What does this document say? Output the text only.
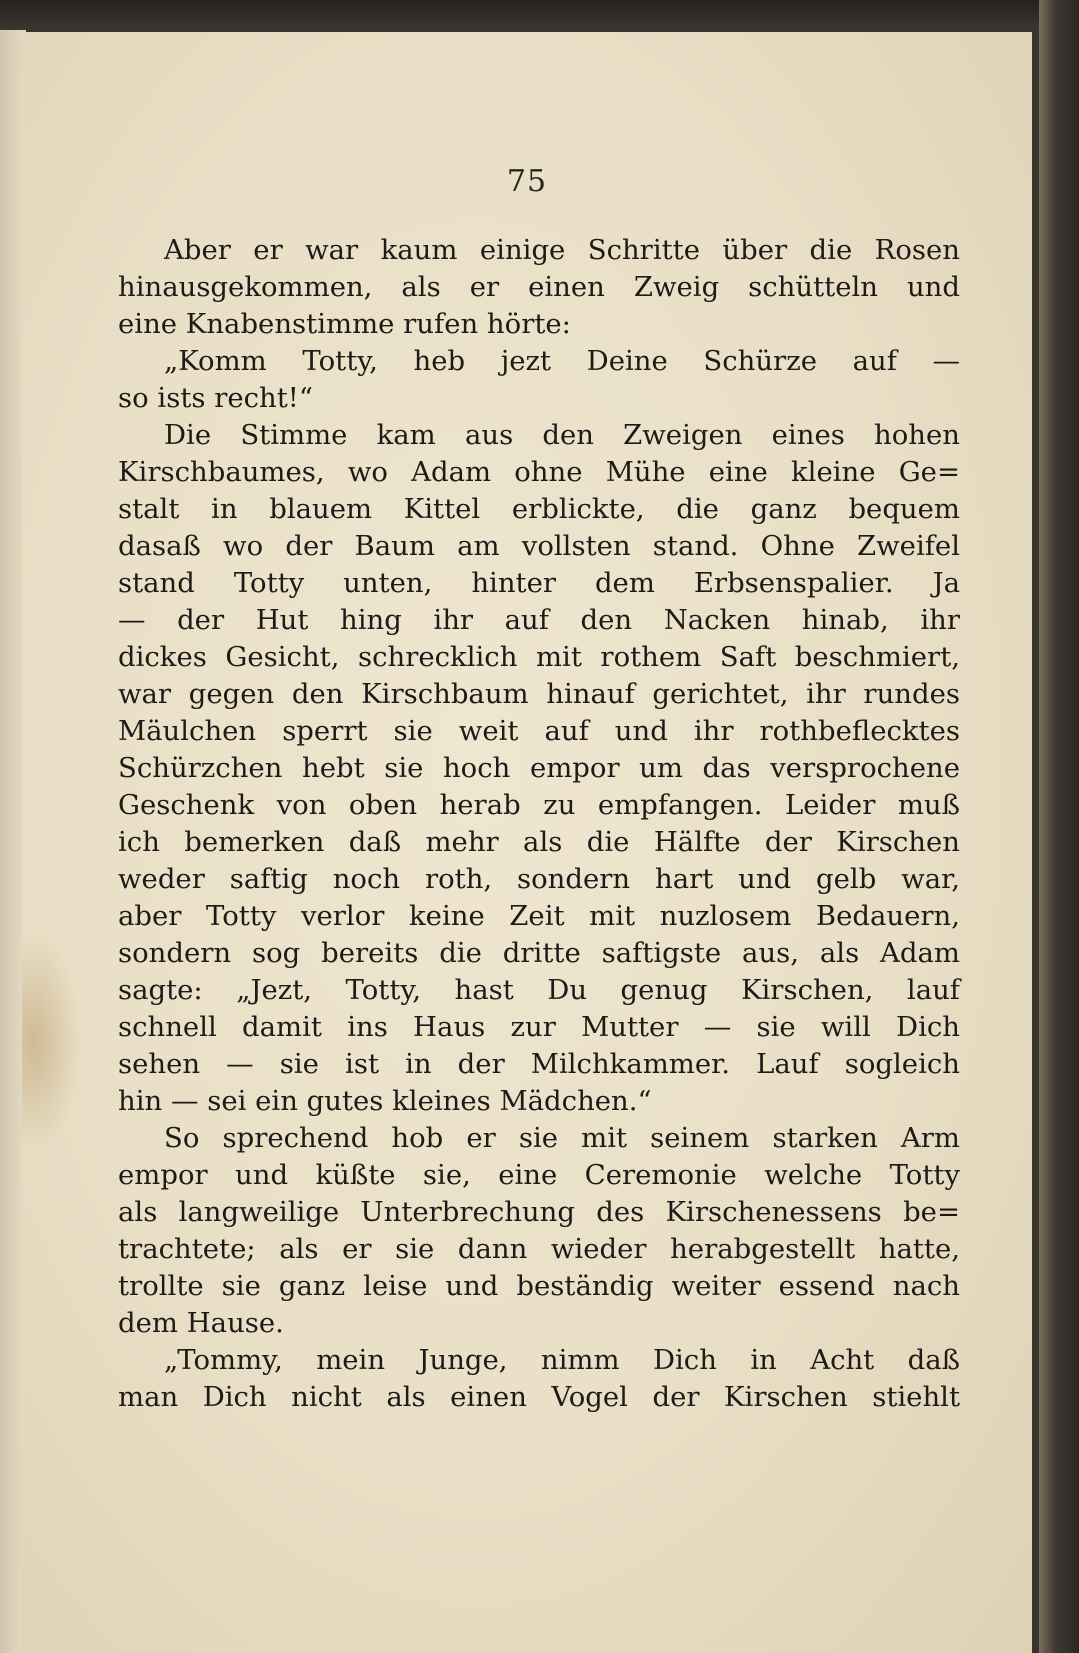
75
Aber er war kaum einige Schritte über die Rosen
hinausgekommen, als er einen Zweig schütteln und
eine Knabenstimme rufen hörte:
„Komm Totty, heb jezt Deine Schürze auf —
so ists recht!“
Die Stimme kam aus den Zweigen eines hohen
Kirschbaumes, wo Adam ohne Mühe eine kleine Ge=
stalt in blauem Kittel erblickte, die ganz bequem
dasaß wo der Baum am vollsten stand. Ohne Zweifel
stand Totty unten, hinter dem Erbsenspalier. Ja
— der Hut hing ihr auf den Nacken hinab, ihr
dickes Gesicht, schrecklich mit rothem Saft beschmiert,
war gegen den Kirschbaum hinauf gerichtet, ihr rundes
Mäulchen sperrt sie weit auf und ihr rothbeflecktes
Schürzchen hebt sie hoch empor um das versprochene
Geschenk von oben herab zu empfangen. Leider muß
ich bemerken daß mehr als die Hälfte der Kirschen
weder saftig noch roth, sondern hart und gelb war,
aber Totty verlor keine Zeit mit nuzlosem Bedauern,
sondern sog bereits die dritte saftigste aus, als Adam
sagte: „Jezt, Totty, hast Du genug Kirschen, lauf
schnell damit ins Haus zur Mutter — sie will Dich
sehen — sie ist in der Milchkammer. Lauf sogleich
hin — sei ein gutes kleines Mädchen.“
So sprechend hob er sie mit seinem starken Arm
empor und küßte sie, eine Ceremonie welche Totty
als langweilige Unterbrechung des Kirschenessens be=
trachtete; als er sie dann wieder herabgestellt hatte,
trollte sie ganz leise und beständig weiter essend nach
dem Hause.
„Tommy, mein Junge, nimm Dich in Acht daß
man Dich nicht als einen Vogel der Kirschen stiehlt
